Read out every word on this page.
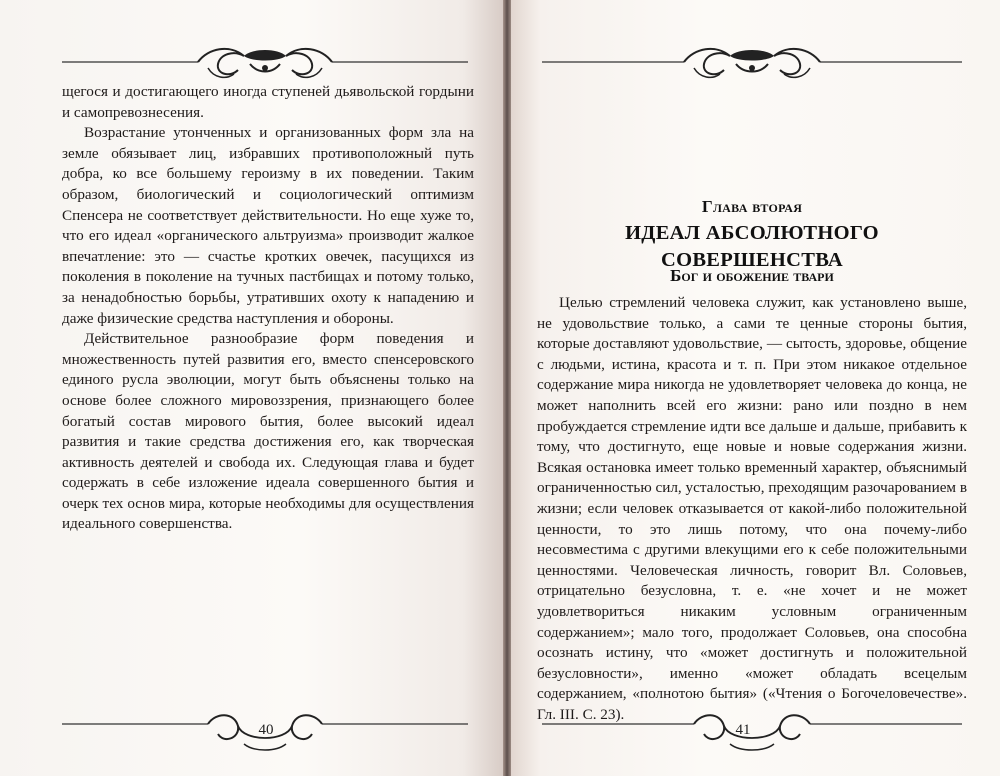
щегося и достигающего иногда ступеней дьявольской гордыни и самопревознесения.

Возрастание утонченных и организованных форм зла на земле обязывает лиц, избравших противоположный путь добра, ко все большему героизму в их поведении. Таким образом, биологический и социологический оптимизм Спенсера не соответствует действительности. Но еще хуже то, что его идеал «органического альтруизма» производит жалкое впечатление: это — счастье кротких овечек, пасущихся из поколения в поколение на тучных пастбищах и потому только, за ненадобностью борьбы, утративших охоту к нападению и даже физические средства наступления и обороны.

Действительное разнообразие форм поведения и множественность путей развития его, вместо спенсеровского единого русла эволюции, могут быть объяснены только на основе более сложного мировоззрения, признающего более богатый состав мирового бытия, более высокий идеал развития и такие средства достижения его, как творческая активность деятелей и свобода их. Следующая глава и будет содержать в себе изложение идеала совершенного бытия и очерк тех основ мира, которые необходимы для осуществления идеального совершенства.

40
Глава вторая
ИДЕАЛ АБСОЛЮТНОГО
СОВЕРШЕНСТВА
Бог и обожение твари

Целью стремлений человека служит, как установлено выше, не удовольствие только, а сами те ценные стороны бытия, которые доставляют удовольствие, — сытость, здоровье, общение с людьми, истина, красота и т. п. При этом никакое отдельное содержание мира никогда не удовлетворяет человека до конца, не может наполнить всей его жизни: рано или поздно в нем пробуждается стремление идти все дальше и дальше, прибавить к тому, что достигнуто, еще новые и новые содержания жизни. Всякая остановка имеет только временный характер, объяснимый ограниченностью сил, усталостью, преходящим разочарованием в жизни; если человек отказывается от какой-либо положительной ценности, то это лишь потому, что она почему-либо несовместима с другими влекущими его к себе положительными ценностями. Человеческая личность, говорит Вл. Соловьев, отрицательно безусловна, т. е. «не хочет и не может удовлетвориться никаким условным ограниченным содержанием»; мало того, продолжает Соловьев, она способна осознать истину, что «может достигнуть и положительной безусловности», именно «может обладать всецелым содержанием, «полнотою бытия» («Чтения о Богочеловечестве». Гл. III. С. 23).

41
